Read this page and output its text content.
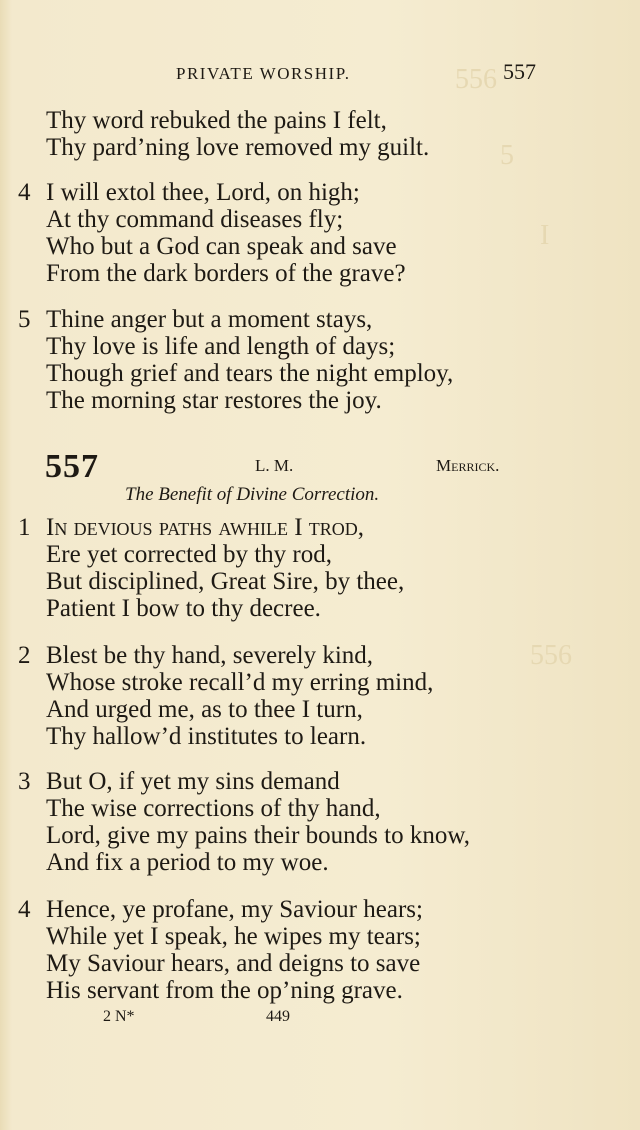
556
5
I
556
PRIVATE WORSHIP.	557
Thy word rebuked the pains I felt,
Thy pard’ning love removed my guilt.
4 I will extol thee, Lord, on high;
At thy command diseases fly;
Who but a God can speak and save
From the dark borders of the grave?
5 Thine anger but a moment stays,
Thy love is life and length of days;
Though grief and tears the night employ,
The morning star restores the joy.
557	L. M.	Merrick.
The Benefit of Divine Correction.
1 In devious paths awhile I trod,
Ere yet corrected by thy rod,
But disciplined, Great Sire, by thee,
Patient I bow to thy decree.
2 Blest be thy hand, severely kind,
Whose stroke recall’d my erring mind,
And urged me, as to thee I turn,
Thy hallow’d institutes to learn.
3 But O, if yet my sins demand
The wise corrections of thy hand,
Lord, give my pains their bounds to know,
And fix a period to my woe.
4 Hence, ye profane, my Saviour hears;
While yet I speak, he wipes my tears;
My Saviour hears, and deigns to save
His servant from the op’ning grave.
2 N*	449
